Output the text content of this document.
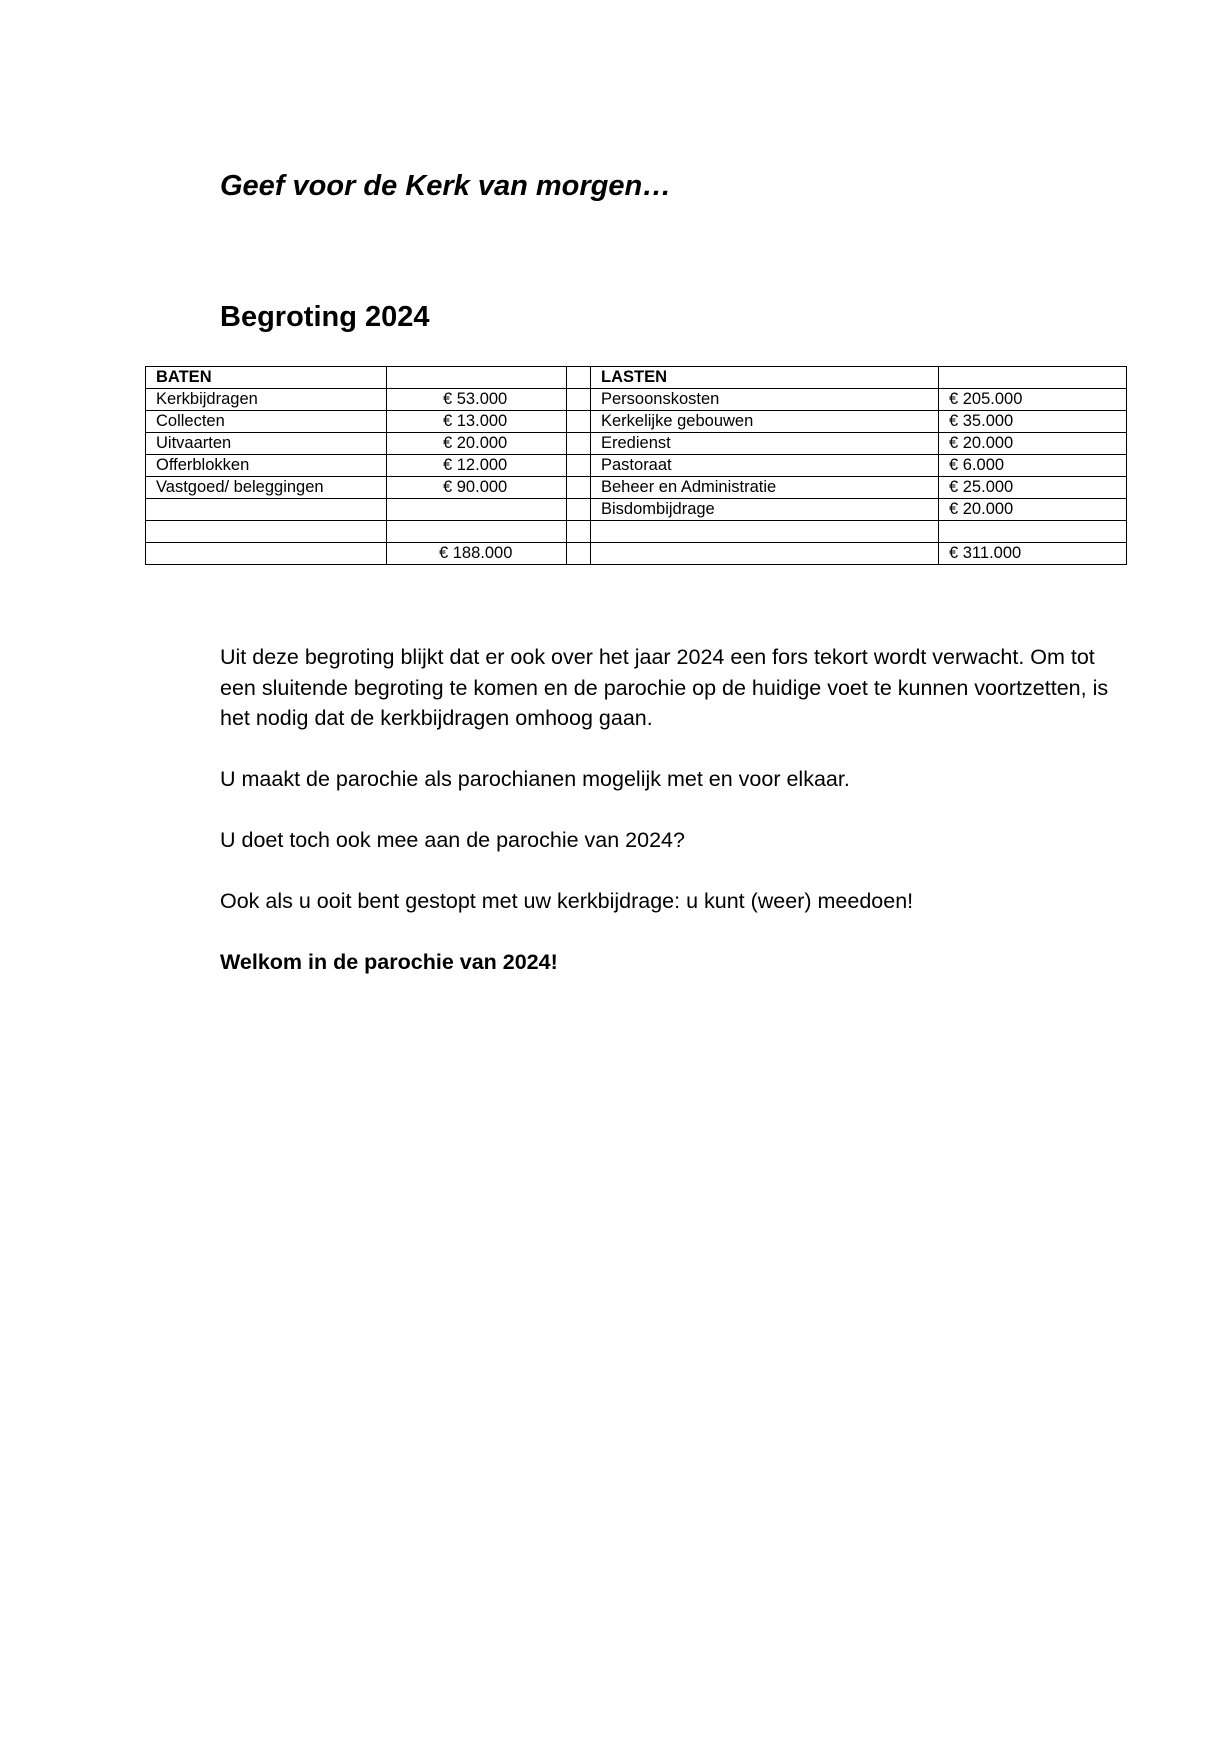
Geef voor de Kerk van morgen…
Begroting 2024
BATEN			LASTEN	
Kerkbijdragen	€ 53.000		Persoonskosten	€ 205.000
Collecten	€ 13.000		Kerkelijke gebouwen	€ 35.000
Uitvaarten	€ 20.000		Eredienst	€ 20.000
Offerblokken	€ 12.000		Pastoraat	€ 6.000
Vastgoed/ beleggingen	€ 90.000		Beheer en Administratie	€ 25.000
			Bisdombijdrage	€ 20.000

	€ 188.000			€ 311.000

Uit deze begroting blijkt dat er ook over het jaar 2024 een fors tekort wordt verwacht. Om tot een sluitende begroting te komen en de parochie op de huidige voet te kunnen voortzetten, is het nodig dat de kerkbijdragen omhoog gaan.

U maakt de parochie als parochianen mogelijk met en voor elkaar.

U doet toch ook mee aan de parochie van 2024?

Ook als u ooit bent gestopt met uw kerkbijdrage: u kunt (weer) meedoen!

Welkom in de parochie van 2024!
